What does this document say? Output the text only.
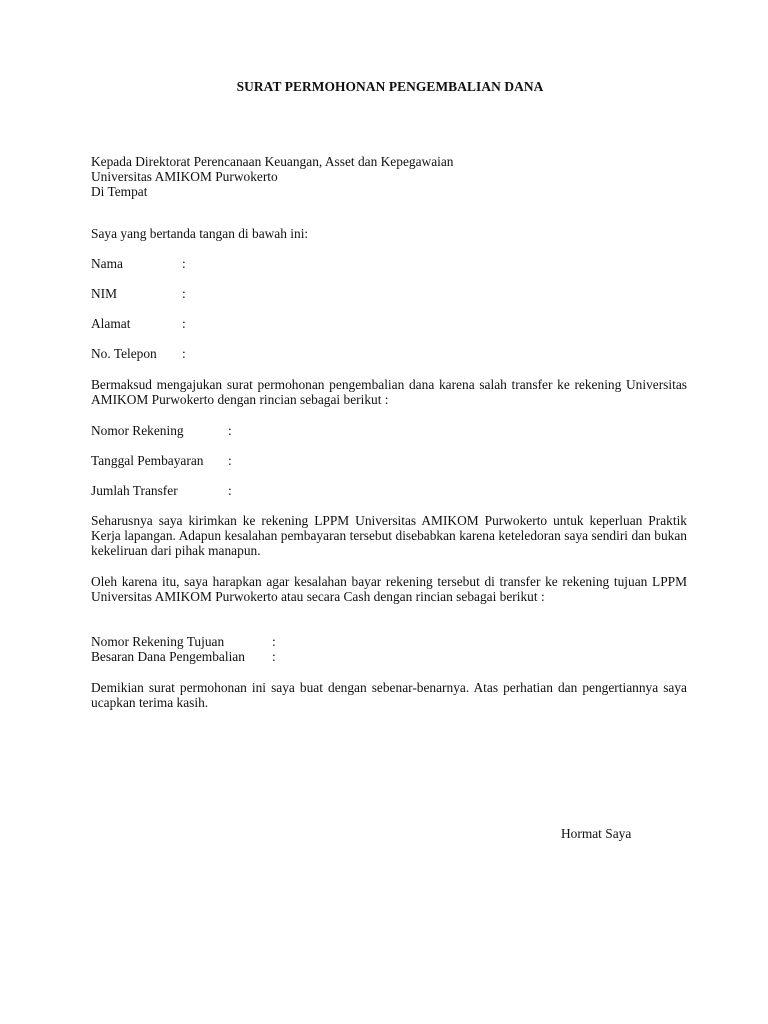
SURAT PERMOHONAN PENGEMBALIAN DANA
Kepada Direktorat Perencanaan Keuangan, Asset dan Kepegawaian
Universitas AMIKOM Purwokerto
Di Tempat
Saya yang bertanda tangan di bawah ini:
Nama	:
NIM	:
Alamat	:
No. Telepon :
Bermaksud mengajukan surat permohonan pengembalian dana karena salah transfer ke rekening Universitas AMIKOM Purwokerto dengan rincian sebagai berikut :
Nomor Rekening	:
Tanggal Pembayaran :
Jumlah Transfer	:
Seharusnya saya kirimkan ke rekening LPPM Universitas AMIKOM Purwokerto untuk keperluan Praktik Kerja lapangan. Adapun kesalahan pembayaran tersebut disebabkan karena keteledoran saya sendiri dan bukan kekeliruan dari pihak manapun.
Oleh karena itu, saya harapkan agar kesalahan bayar rekening tersebut di transfer ke rekening tujuan LPPM Universitas AMIKOM Purwokerto atau secara Cash dengan rincian sebagai berikut :
Nomor Rekening Tujuan	:
Besaran Dana Pengembalian :
Demikian surat permohonan ini saya buat dengan sebenar-benarnya. Atas perhatian dan pengertiannya saya ucapkan terima kasih.
Hormat Saya
